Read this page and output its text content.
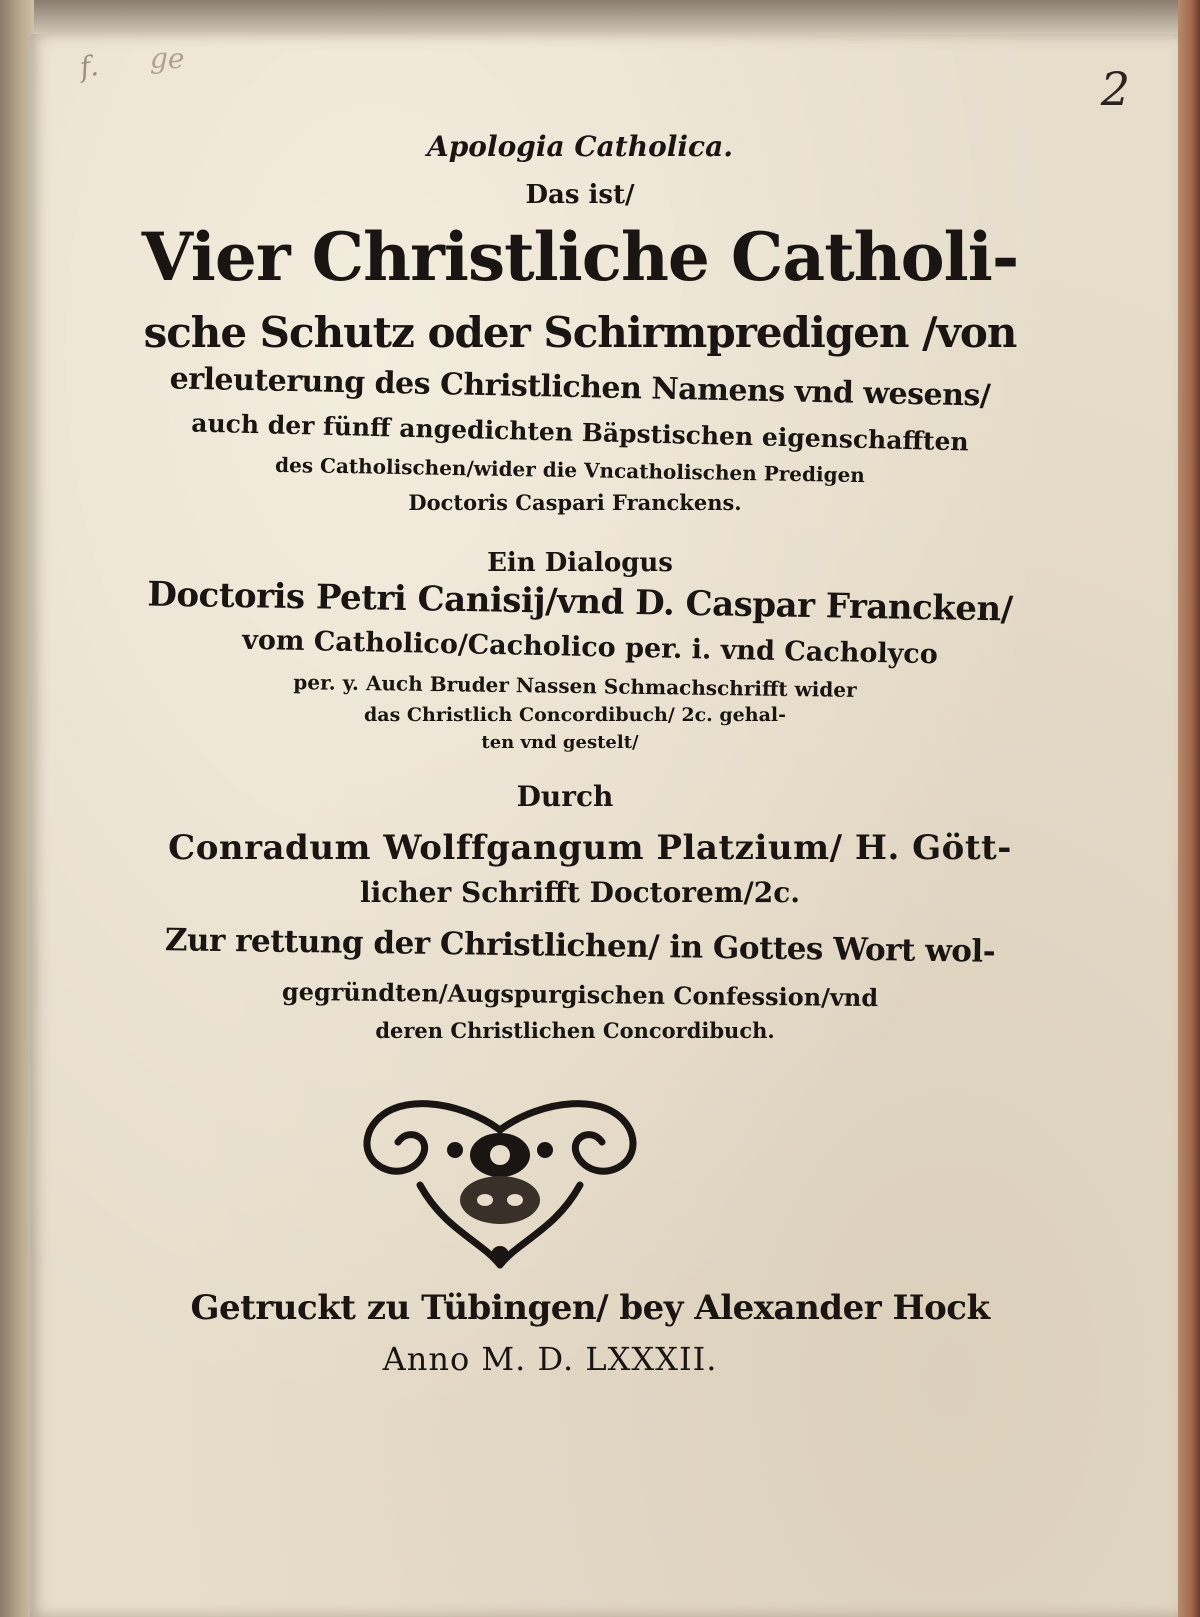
f. ge
2
Apologia Catholica.
Das ist/
Vier Christliche Catholi-
sche Schutz oder Schirmpredigen /von
erleuterung des Christlichen Namens vnd wesens/
auch der fünff angedichten Bäpstischen eigenschafften
des Catholischen/wider die Vncatholischen Predigen
Doctoris Caspari Franckens.
Ein Dialogus
Doctoris Petri Canisij/vnd D. Caspar Francken/
vom Catholico/Cacholico per. i. vnd Cacholyco
per. y. Auch Bruder Nassen Schmachschrifft wider
das Christlich Concordibuch/ 2c. gehal-
ten vnd gestelt/
Durch
Conradum Wolffgangum Platzium/ H. Gött-
licher Schrifft Doctorem/2c.
Zur rettung der Christlichen/ in Gottes Wort wol-
gegründten/Augspurgischen Confession/vnd
deren Christlichen Concordibuch.
Getruckt zu Tübingen/ bey Alexander Hock
Anno M. D. LXXXII.
